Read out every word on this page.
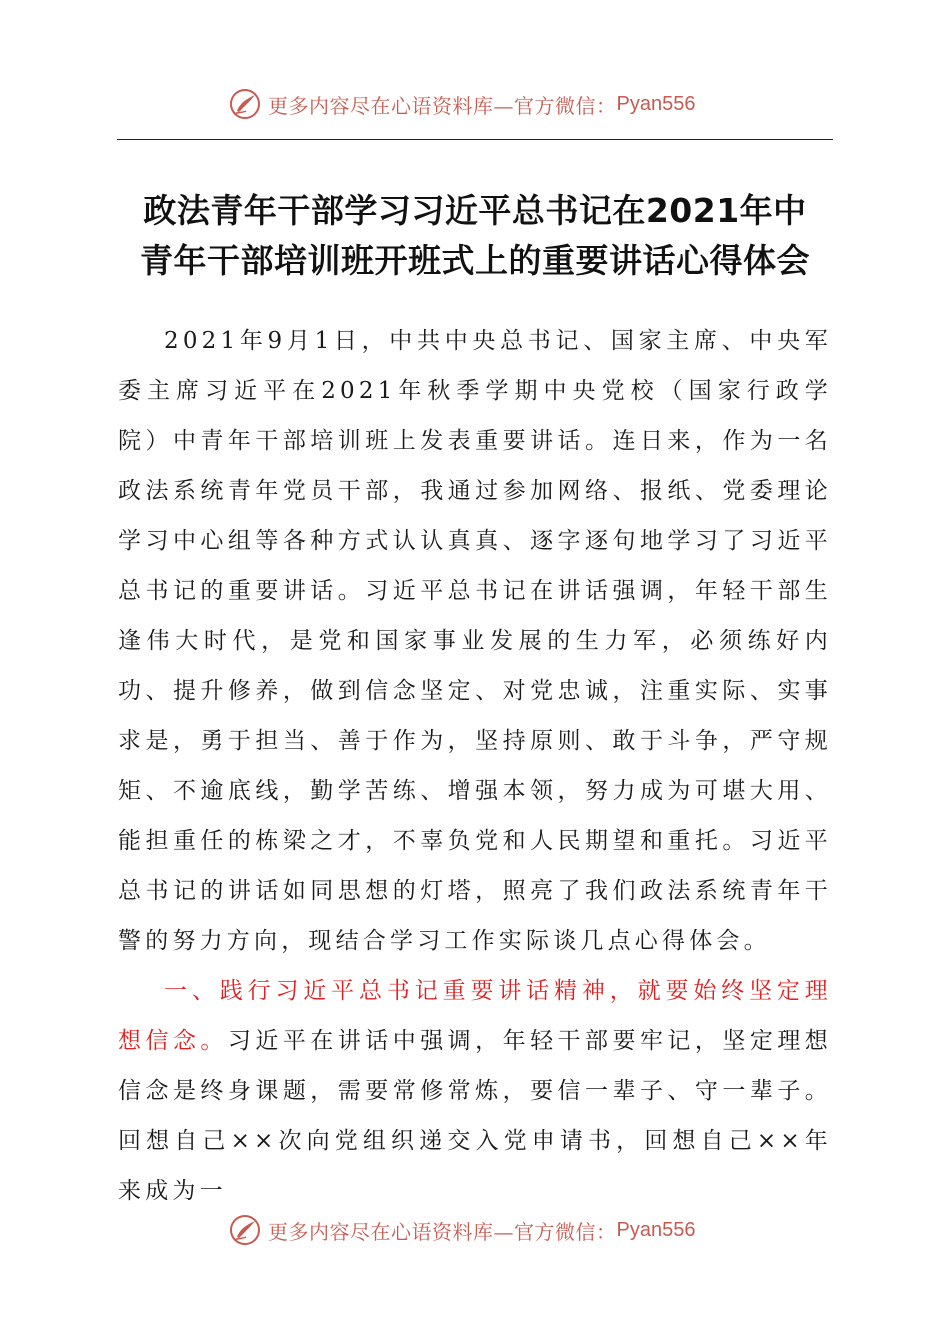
更多内容尽在心语资料库—官方微信： Pyan556
政法青年干部学习习近平总书记在2021年中
青年干部培训班开班式上的重要讲话心得体会

2021年9月1日，中共中央总书记、国家主席、中央军委主席习近平在2021年秋季学期中央党校（国家行政学院）中青年干部培训班上发表重要讲话。连日来，作为一名政法系统青年党员干部，我通过参加网络、报纸、党委理论学习中心组等各种方式认认真真、逐字逐句地学习了习近平总书记的重要讲话。习近平总书记在讲话强调，年轻干部生逢伟大时代，是党和国家事业发展的生力军，必须练好内功、提升修养，做到信念坚定、对党忠诚，注重实际、实事求是，勇于担当、善于作为，坚持原则、敢于斗争，严守规矩、不逾底线，勤学苦练、增强本领，努力成为可堪大用、能担重任的栋梁之才，不辜负党和人民期望和重托。习近平总书记的讲话如同思想的灯塔，照亮了我们政法系统青年干警的努力方向，现结合学习工作实际谈几点心得体会。

一、践行习近平总书记重要讲话精神，就要始终坚定理想信念。习近平在讲话中强调，年轻干部要牢记，坚定理想信念是终身课题，需要常修常炼，要信一辈子、守一辈子。回想自己××次向党组织递交入党申请书，回想自己××年来成为一

更多内容尽在心语资料库—官方微信： Pyan556
